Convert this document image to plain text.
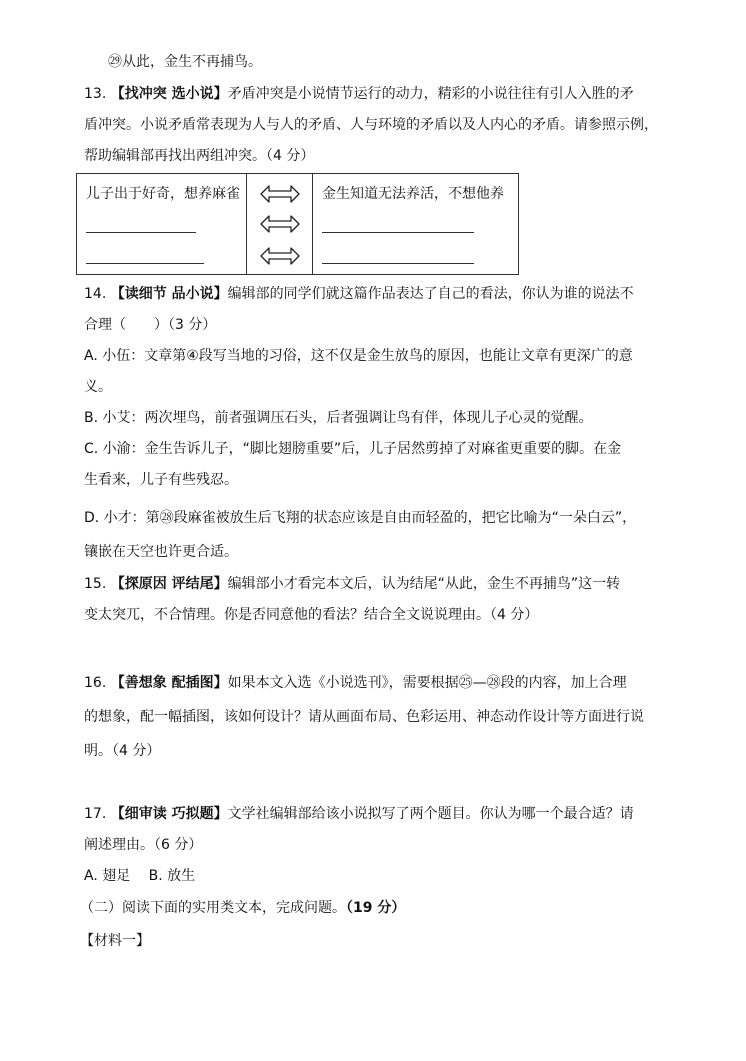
㉙从此，金生不再捕鸟。
13. 【找冲突 选小说】矛盾冲突是小说情节运行的动力，精彩的小说往往有引人入胜的矛
盾冲突。小说矛盾常表现为人与人的矛盾、人与环境的矛盾以及人内心的矛盾。请参照示例，
帮助编辑部再找出两组冲突。（4 分）
儿子出于好奇，想养麻雀	金生知道无法养活，不想他养
14. 【读细节 品小说】编辑部的同学们就这篇作品表达了自己的看法，你认为谁的说法不
合理（　　）（3 分）
A. 小伍：文章第④段写当地的习俗，这不仅是金生放鸟的原因，也能让文章有更深广的意
义。
B. 小艾：两次埋鸟，前者强调压石头，后者强调让鸟有伴，体现儿子心灵的觉醒。
C. 小渝：金生告诉儿子，“脚比翅膀重要”后，儿子居然剪掉了对麻雀更重要的脚。在金
生看来，儿子有些残忍。
D. 小才：第㉘段麻雀被放生后飞翔的状态应该是自由而轻盈的，把它比喻为“一朵白云”，
镶嵌在天空也许更合适。
15. 【探原因 评结尾】编辑部小才看完本文后，认为结尾“从此，金生不再捕鸟”这一转
变太突兀，不合情理。你是否同意他的看法？结合全文说说理由。（4 分）
16. 【善想象 配插图】如果本文入选《小说选刊》，需要根据㉕—㉘段的内容，加上合理
的想象，配一幅插图，该如何设计？请从画面布局、色彩运用、神态动作设计等方面进行说
明。（4 分）
17. 【细审读 巧拟题】文学社编辑部给该小说拟写了两个题目。你认为哪一个最合适？请
阐述理由。（6 分）
A. 翅足　 B. 放生
（二）阅读下面的实用类文本，完成问题。（19 分）
【材料一】
